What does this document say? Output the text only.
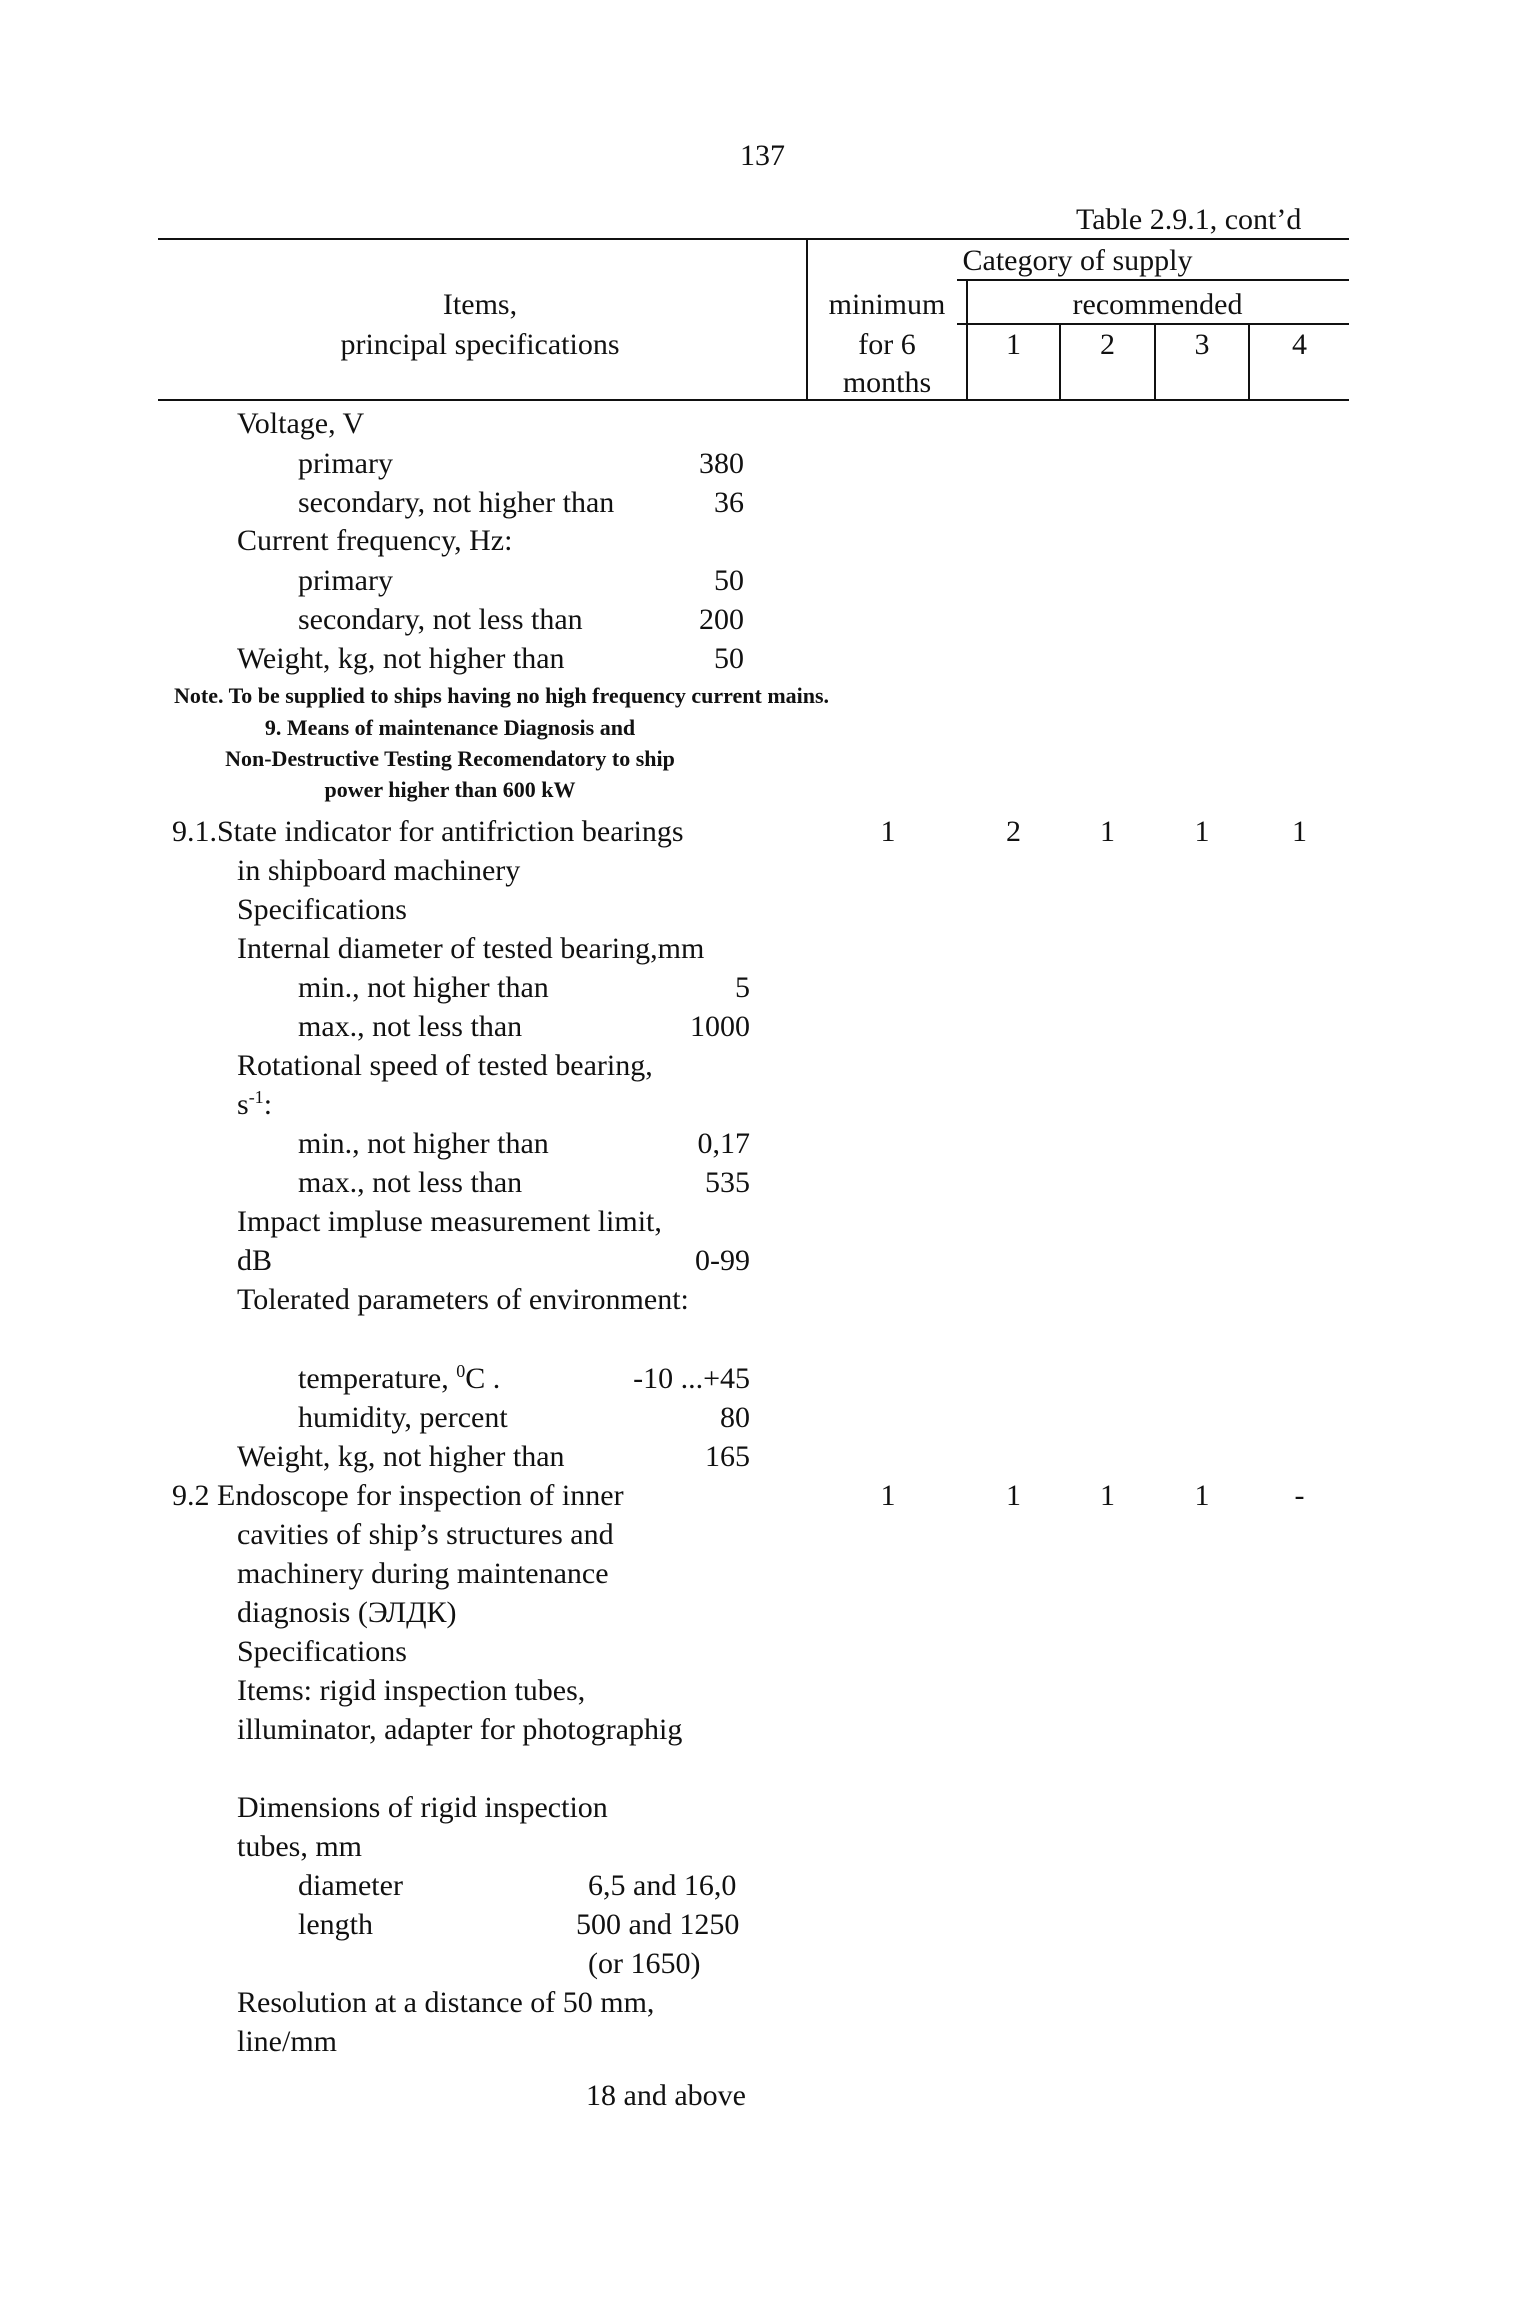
137
Table 2.9.1, cont’d
Items,
principal specifications
Category of supply
minimum
for 6
months
recommended
1	2	3	4
Voltage, V
primary	380
secondary, not higher than	36
Current frequency, Hz:
primary	50
secondary, not less than	200
Weight, kg, not higher than	50
Note. To be supplied to ships having no high frequency current mains.
9. Means of maintenance Diagnosis and
Non-Destructive Testing Recomendatory to ship
power higher than 600 kW
9.1.State indicator for antifriction bearings	1	2	1	1	1
in shipboard machinery
Specifications
Internal diameter of tested bearing,mm
min., not higher than	5
max., not less than	1000
Rotational speed of tested bearing,
$s^{-1}$:
min., not higher than	0,17
max., not less than	535
Impact impluse measurement limit,
dB	0-99
Tolerated parameters of environment:
temperature, $^0$C .	-10 ...+45
humidity, percent	80
Weight, kg, not higher than	165
9.2 Endoscope for inspection of inner	1	1	1	1	-
cavities of ship’s structures and
machinery during maintenance
diagnosis (ЭЛДК)
Specifications
Items: rigid inspection tubes,
illuminator, adapter for photographig
Dimensions of rigid inspection
tubes, mm
diameter	6,5 and 16,0
length	500 and 1250
(or 1650)
Resolution at a distance of 50 mm,
line/mm
18 and above
